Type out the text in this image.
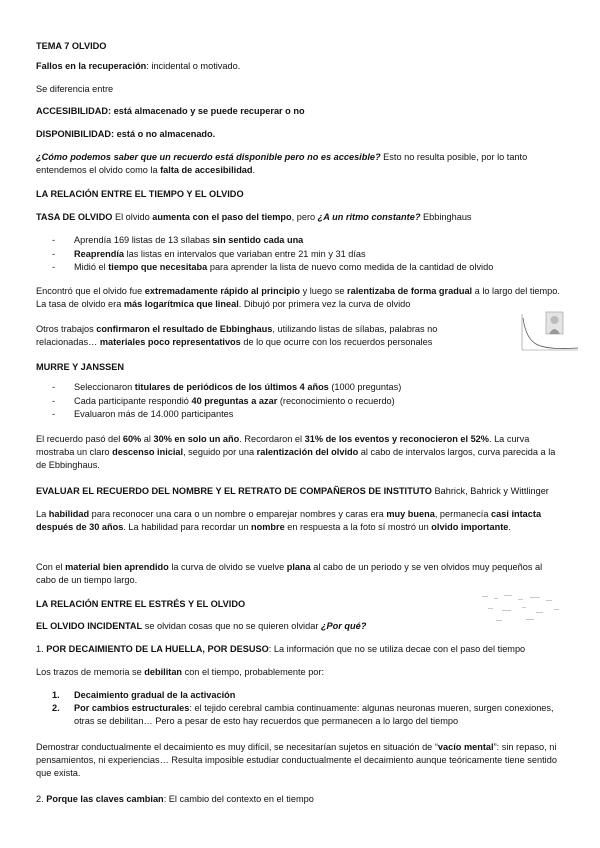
TEMA 7 OLVIDO

Fallos en la recuperación: incidental o motivado.

Se diferencia entre

ACCESIBILIDAD: está almacenado y se puede recuperar o no

DISPONIBILIDAD: está o no almacenado.

¿Cómo podemos saber que un recuerdo está disponible pero no es accesible? Esto no resulta posible, por lo tanto entendemos el olvido como la falta de accesibilidad.

LA RELACIÓN ENTRE EL TIEMPO Y EL OLVIDO

TASA DE OLVIDO El olvido aumenta con el paso del tiempo, pero ¿A un ritmo constante? Ebbinghaus

- Aprendía 169 listas de 13 sílabas sin sentido cada una
- Reaprendía las listas en intervalos que variaban entre 21 min y 31 días
- Midió el tiempo que necesitaba para aprender la lista de nuevo como medida de la cantidad de olvido

Encontró que el olvido fue extremadamente rápido al principio y luego se ralentizaba de forma gradual a lo largo del tiempo. La tasa de olvido era más logarítmica que lineal. Dibujó por primera vez la curva de olvido

Otros trabajos confirmaron el resultado de Ebbinghaus, utilizando listas de sílabas, palabras no relacionadas… materiales poco representativos de lo que ocurre con los recuerdos personales

MURRE Y JANSSEN

- Seleccionaron titulares de periódicos de los últimos 4 años (1000 preguntas)
- Cada participante respondió 40 preguntas a azar (reconocimiento o recuerdo)
- Evaluaron más de 14.000 participantes

El recuerdo pasó del 60% al 30% en solo un año. Recordaron el 31% de los eventos y reconocieron el 52%. La curva mostraba un claro descenso inicial, seguido por una ralentización del olvido al cabo de intervalos largos, curva parecida a la de Ebbinghaus.

EVALUAR EL RECUERDO DEL NOMBRE Y EL RETRATO DE COMPAÑEROS DE INSTITUTO Bahrick, Bahrick y Wittlinger

La habilidad para reconocer una cara o un nombre o emparejar nombres y caras era muy buena, permanecía casi intacta después de 30 años. La habilidad para recordar un nombre en respuesta a la foto sí mostró un olvido importante.

Con el material bien aprendido la curva de olvido se vuelve plana al cabo de un periodo y se ven olvidos muy pequeños al cabo de un tiempo largo.

LA RELACIÓN ENTRE EL ESTRÉS Y EL OLVIDO

EL OLVIDO INCIDENTAL se olvidan cosas que no se quieren olvidar ¿Por qué?

1. POR DECAIMIENTO DE LA HUELLA, POR DESUSO: La información que no se utiliza decae con el paso del tiempo

Los trazos de memoria se debilitan con el tiempo, probablemente por:

1. Decaimiento gradual de la activación
2. Por cambios estructurales: el tejido cerebral cambia continuamente: algunas neuronas mueren, surgen conexiones, otras se debilitan… Pero a pesar de esto hay recuerdos que permanecen a lo largo del tiempo

Demostrar conductualmente el decaimiento es muy difícil, se necesitarían sujetos en situación de “vacío mental”: sin repaso, ni pensamientos, ni experiencias… Resulta imposible estudiar conductualmente el decaimiento aunque teóricamente tiene sentido que exista.

2. Porque las claves cambian: El cambio del contexto en el tiempo
